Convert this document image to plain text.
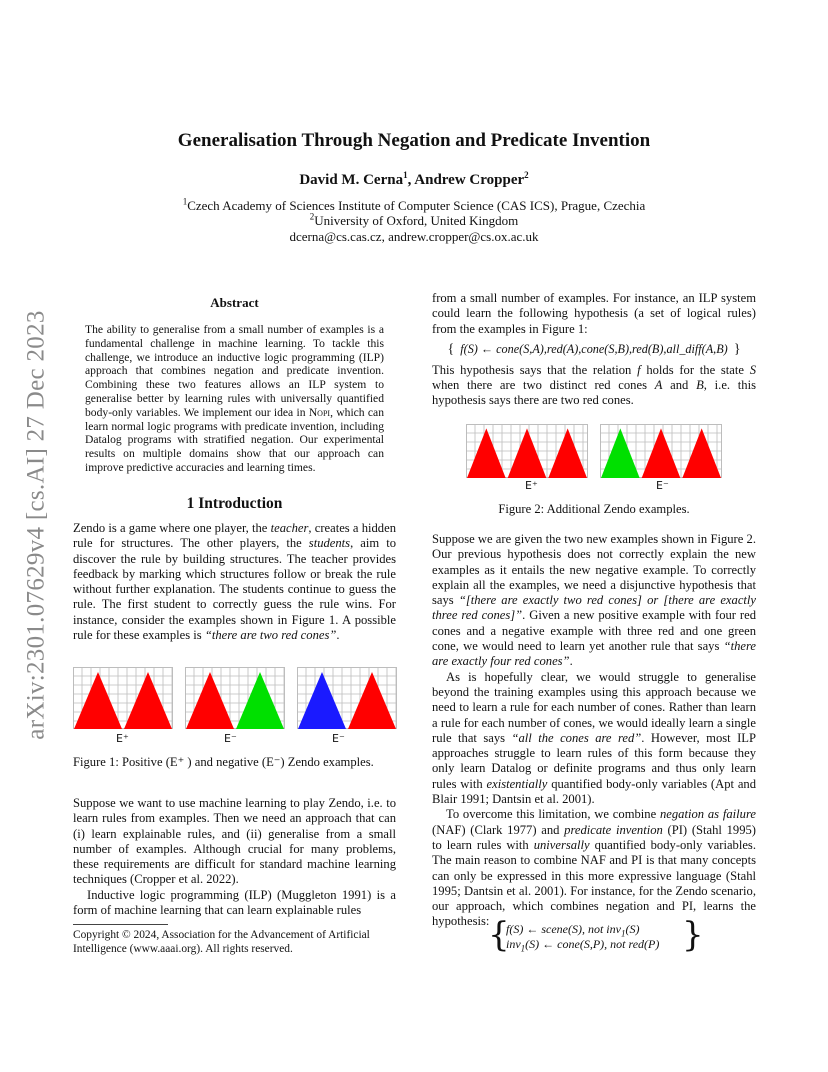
arXiv:2301.07629v4 [cs.AI] 27 Dec 2023
Generalisation Through Negation and Predicate Invention
David M. Cerna$^1$, Andrew Cropper$^2$
$^1$Czech Academy of Sciences Institute of Computer Science (CAS ICS), Prague, Czechia
$^2$University of Oxford, United Kingdom
dcerna@cs.cas.cz, andrew.cropper@cs.ox.ac.uk
Abstract

The ability to generalise from a small number of examples is a fundamental challenge in machine learning. To tackle this challenge, we introduce an inductive logic programming (ILP) approach that combines negation and predicate invention. Combining these two features allows an ILP system to generalise better by learning rules with universally quantified body-only variables. We implement our idea in Nopi, which can learn normal logic programs with predicate invention, including Datalog programs with stratified negation. Our experimental results on multiple domains show that our approach can improve predictive accuracies and learning times.

1 Introduction

Zendo is a game where one player, the teacher, creates a hidden rule for structures. The other players, the students, aim to discover the rule by building structures. The teacher provides feedback by marking which structures follow or break the rule without further explanation. The students continue to guess the rule. The first student to correctly guess the rule wins. For instance, consider the examples shown in Figure 1. A possible rule for these examples is “there are two red cones”.

E⁺	E⁻	E⁻
Figure 1: Positive (E⁺ ) and negative (E⁻) Zendo examples.

Suppose we want to use machine learning to play Zendo, i.e. to learn rules from examples. Then we need an approach that can (i) learn explainable rules, and (ii) generalise from a small number of examples. Although crucial for many problems, these requirements are difficult for standard machine learning techniques (Cropper et al. 2022).

Inductive logic programming (ILP) (Muggleton 1991) is a form of machine learning that can learn explainable rules

Copyright © 2024, Association for the Advancement of Artificial Intelligence (www.aaai.org). All rights reserved.

from a small number of examples. For instance, an ILP system could learn the following hypothesis (a set of logical rules) from the examples in Figure 1:

{ f(S) ← cone(S,A),red(A),cone(S,B),red(B),all_diff(A,B) }

This hypothesis says that the relation f holds for the state S when there are two distinct red cones A and B, i.e. this hypothesis says there are two red cones.

E⁺	E⁻
Figure 2: Additional Zendo examples.

Suppose we are given the two new examples shown in Figure 2. Our previous hypothesis does not correctly explain the new examples as it entails the new negative example. To correctly explain all the examples, we need a disjunctive hypothesis that says “[there are exactly two red cones] or [there are exactly three red cones]”. Given a new positive example with four red cones and a negative example with three red and one green cone, we would need to learn yet another rule that says “there are exactly four red cones”.

As is hopefully clear, we would struggle to generalise beyond the training examples using this approach because we need to learn a rule for each number of cones. Rather than learn a rule for each number of cones, we would ideally learn a single rule that says “all the cones are red”. However, most ILP approaches struggle to learn rules of this form because they only learn Datalog or definite programs and thus only learn rules with existentially quantified body-only variables (Apt and Blair 1991; Dantsin et al. 2001).

To overcome this limitation, we combine negation as failure (NAF) (Clark 1977) and predicate invention (PI) (Stahl 1995) to learn rules with universally quantified body-only variables. The main reason to combine NAF and PI is that many concepts can only be expressed in this more expressive language (Stahl 1995; Dantsin et al. 2001). For instance, for the Zendo scenario, our approach, which combines negation and PI, learns the hypothesis:

{
f(S) ← scene(S), not inv$_1$(S)
inv$_1$(S) ← cone(S,P), not red(P) }
